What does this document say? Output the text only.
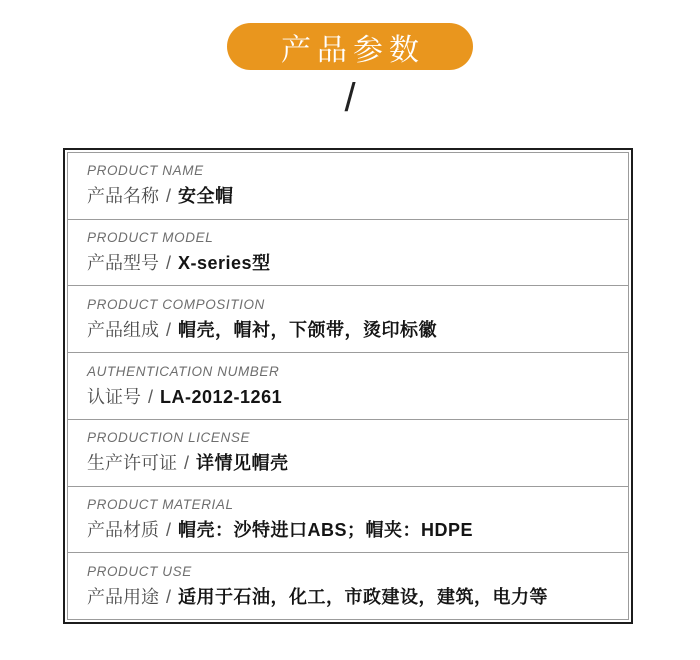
产品参数
/
PRODUCT NAME
产品名称 / 安全帽
PRODUCT MODEL
产品型号 / X-series型
PRODUCT COMPOSITION
产品组成 / 帽壳，帽衬，下颌带，烫印标徽
AUTHENTICATION NUMBER
认证号 / LA-2012-1261
PRODUCTION LICENSE
生产许可证 / 详情见帽壳
PRODUCT MATERIAL
产品材质 / 帽壳：沙特进口ABS；帽夹：HDPE
PRODUCT USE
产品用途 / 适用于石油，化工，市政建设，建筑，电力等
